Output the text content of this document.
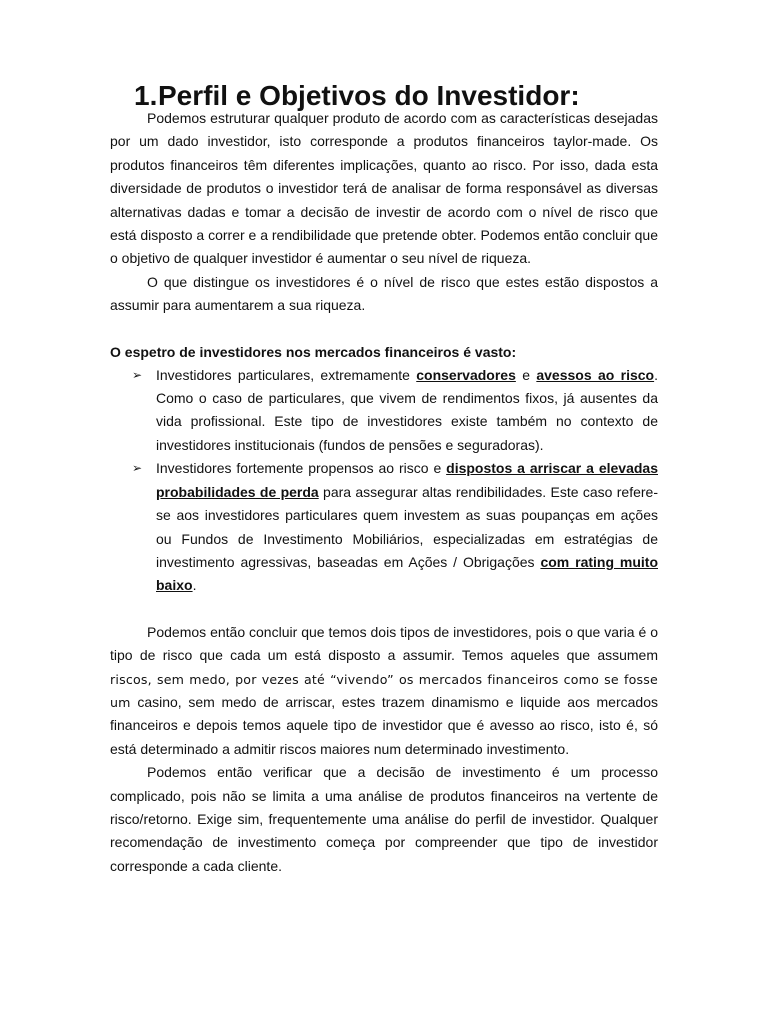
1.Perfil e Objetivos do Investidor:

Podemos estruturar qualquer produto de acordo com as características desejadas por um dado investidor, isto corresponde a produtos financeiros taylor-made. Os produtos financeiros têm diferentes implicações, quanto ao risco. Por isso, dada esta diversidade de produtos o investidor terá de analisar de forma responsável as diversas alternativas dadas e tomar a decisão de investir de acordo com o nível de risco que está disposto a correr e a rendibilidade que pretende obter. Podemos então concluir que o objetivo de qualquer investidor é aumentar o seu nível de riqueza.

O que distingue os investidores é o nível de risco que estes estão dispostos a assumir para aumentarem a sua riqueza.

O espetro de investidores nos mercados financeiros é vasto:
➢ Investidores particulares, extremamente conservadores e avessos ao risco. Como o caso de particulares, que vivem de rendimentos fixos, já ausentes da vida profissional. Este tipo de investidores existe também no contexto de investidores institucionais (fundos de pensões e seguradoras).
➢ Investidores fortemente propensos ao risco e dispostos a arriscar a elevadas probabilidades de perda para assegurar altas rendibilidades. Este caso refere-se aos investidores particulares quem investem as suas poupanças em ações ou Fundos de Investimento Mobiliários, especializadas em estratégias de investimento agressivas, baseadas em Ações / Obrigações com rating muito baixo.

Podemos então concluir que temos dois tipos de investidores, pois o que varia é o tipo de risco que cada um está disposto a assumir. Temos aqueles que assumem riscos, sem medo, por vezes até “vivendo” os mercados financeiros como se fosse um casino, sem medo de arriscar, estes trazem dinamismo e liquide aos mercados financeiros e depois temos aquele tipo de investidor que é avesso ao risco, isto é, só está determinado a admitir riscos maiores num determinado investimento.

Podemos então verificar que a decisão de investimento é um processo complicado, pois não se limita a uma análise de produtos financeiros na vertente de risco/retorno. Exige sim, frequentemente uma análise do perfil de investidor. Qualquer recomendação de investimento começa por compreender que tipo de investidor corresponde a cada cliente.
